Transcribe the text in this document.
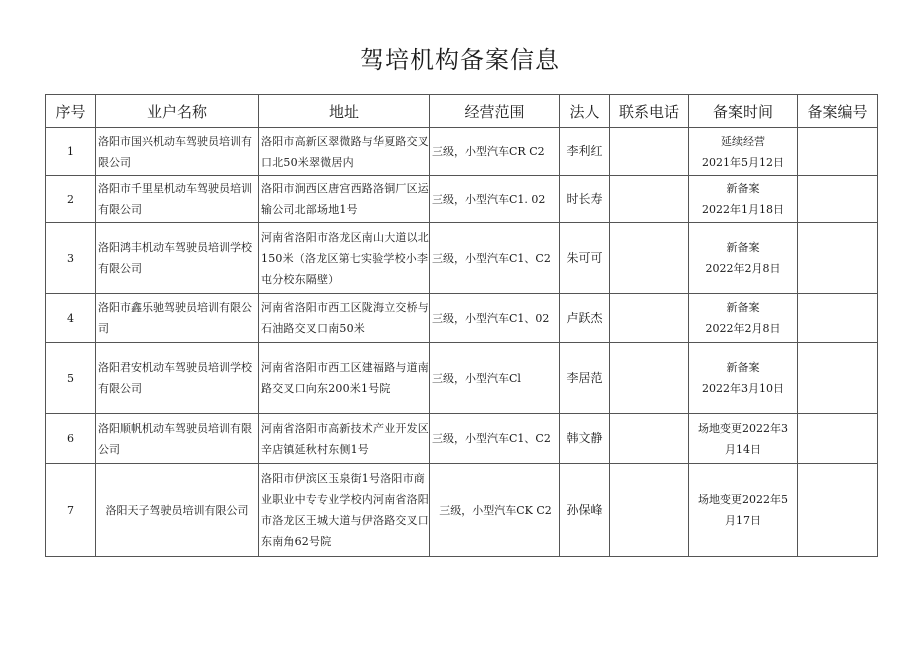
驾培机构备案信息
序号	业户名称	地址	经营范围	法人	联系电话	备案时间	备案编号
1	洛阳市国兴机动车驾驶员培训有限公司	洛阳市高新区翠微路与华夏路交叉口北50米翠微居内	三级，小型汽车CR C2	李利红		延续经营
2021年5月12日	

2	洛阳市千里星机动车驾驶员培训有限公司	洛阳市涧西区唐宫西路洛铜厂区运输公司北部场地1号	三级，小型汽车C1. 02	时长寿		新备案
2022年1月18日	

3	洛阳鸿丰机动车驾驶员培训学校有限公司	河南省洛阳市洛龙区南山大道以北150米（洛龙区第七实验学校小李屯分校东隔壁）	三级，小型汽车C1、C2	朱可可		新备案
2022年2月8日	

4	洛阳市鑫乐驰驾驶员培训有限公司	河南省洛阳市西工区陇海立交桥与石油路交叉口南50米	三级，小型汽车C1、02	卢跃杰		新备案
2022年2月8日	

5	洛阳君安机动车驾驶员培训学校有限公司	河南省洛阳市西工区建福路与道南路交叉口向东200米1号院	三级，小型汽车Cl	李居范		新备案
2022年3月10日	

6	洛阳顺帆机动车驾驶员培训有限公司	河南省洛阳市高新技术产业开发区辛店镇延秋村东侧1号	三级，小型汽车C1、C2	韩文静		场地变更2022年3
月14日	

7	洛阳天子驾驶员培训有限公司	洛阳市伊滨区玉泉街1号洛阳市商业职业中专专业学校内河南省洛阳市洛龙区王城大道与伊洛路交叉口东南角62号院	三级，小型汽车CK C2	孙保峰		场地变更2022年5
月17日	
